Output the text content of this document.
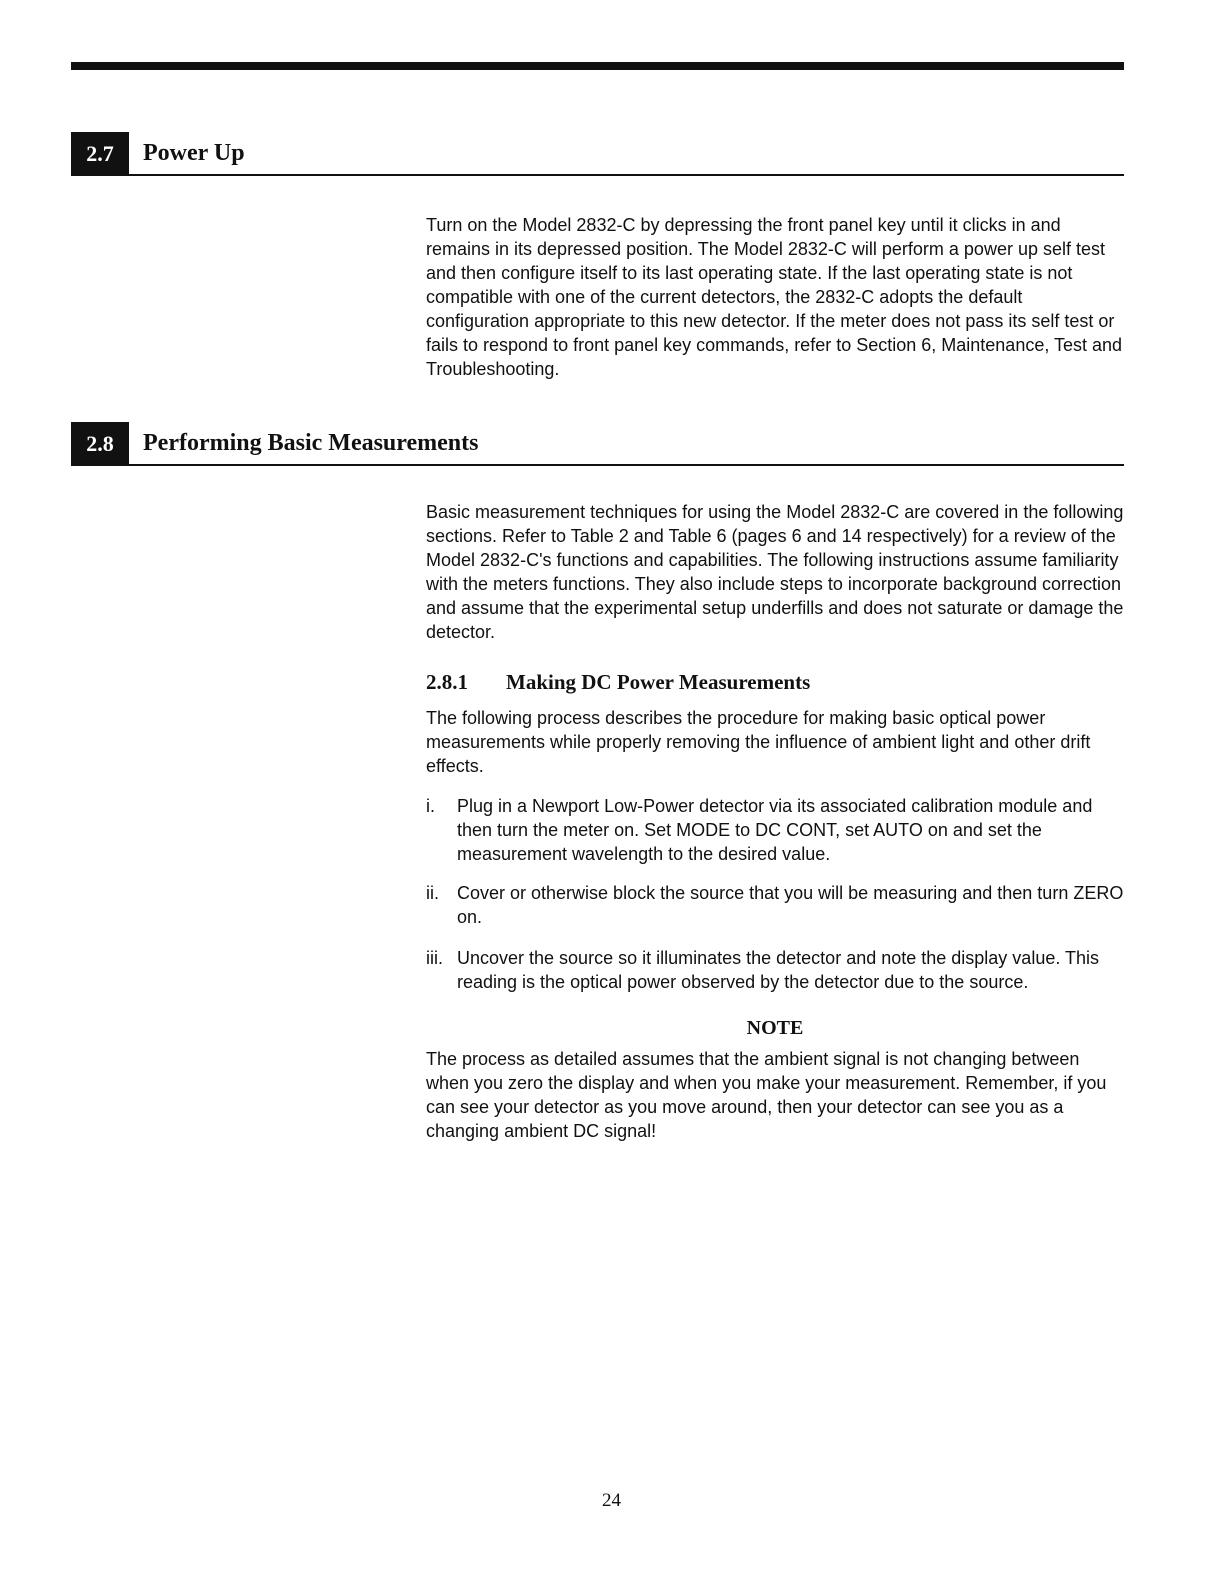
2.7	Power Up
Turn on the Model 2832-C by depressing the front panel key until it clicks in and remains in its depressed position. The Model 2832-C will perform a power up self test and then configure itself to its last operating state. If the last operating state is not compatible with one of the current detectors, the 2832-C adopts the default configuration appropriate to this new detector. If the meter does not pass its self test or fails to respond to front panel key commands, refer to Section 6, Maintenance, Test and Troubleshooting.
2.8	Performing Basic Measurements
Basic measurement techniques for using the Model 2832-C are covered in the following sections. Refer to Table 2 and Table 6 (pages 6 and 14 respectively) for a review of the Model 2832-C's functions and capabilities. The following instructions assume familiarity with the meters functions. They also include steps to incorporate background correction and assume that the experimental setup underfills and does not saturate or damage the detector.
2.8.1 Making DC Power Measurements
The following process describes the procedure for making basic optical power measurements while properly removing the influence of ambient light and other drift effects.
i. Plug in a Newport Low-Power detector via its associated calibration module and then turn the meter on. Set MODE to DC CONT, set AUTO on and set the measurement wavelength to the desired value.
ii. Cover or otherwise block the source that you will be measuring and then turn ZERO on.
iii. Uncover the source so it illuminates the detector and note the display value. This reading is the optical power observed by the detector due to the source.
NOTE
The process as detailed assumes that the ambient signal is not changing between when you zero the display and when you make your measurement. Remember, if you can see your detector as you move around, then your detector can see you as a changing ambient DC signal!
24
